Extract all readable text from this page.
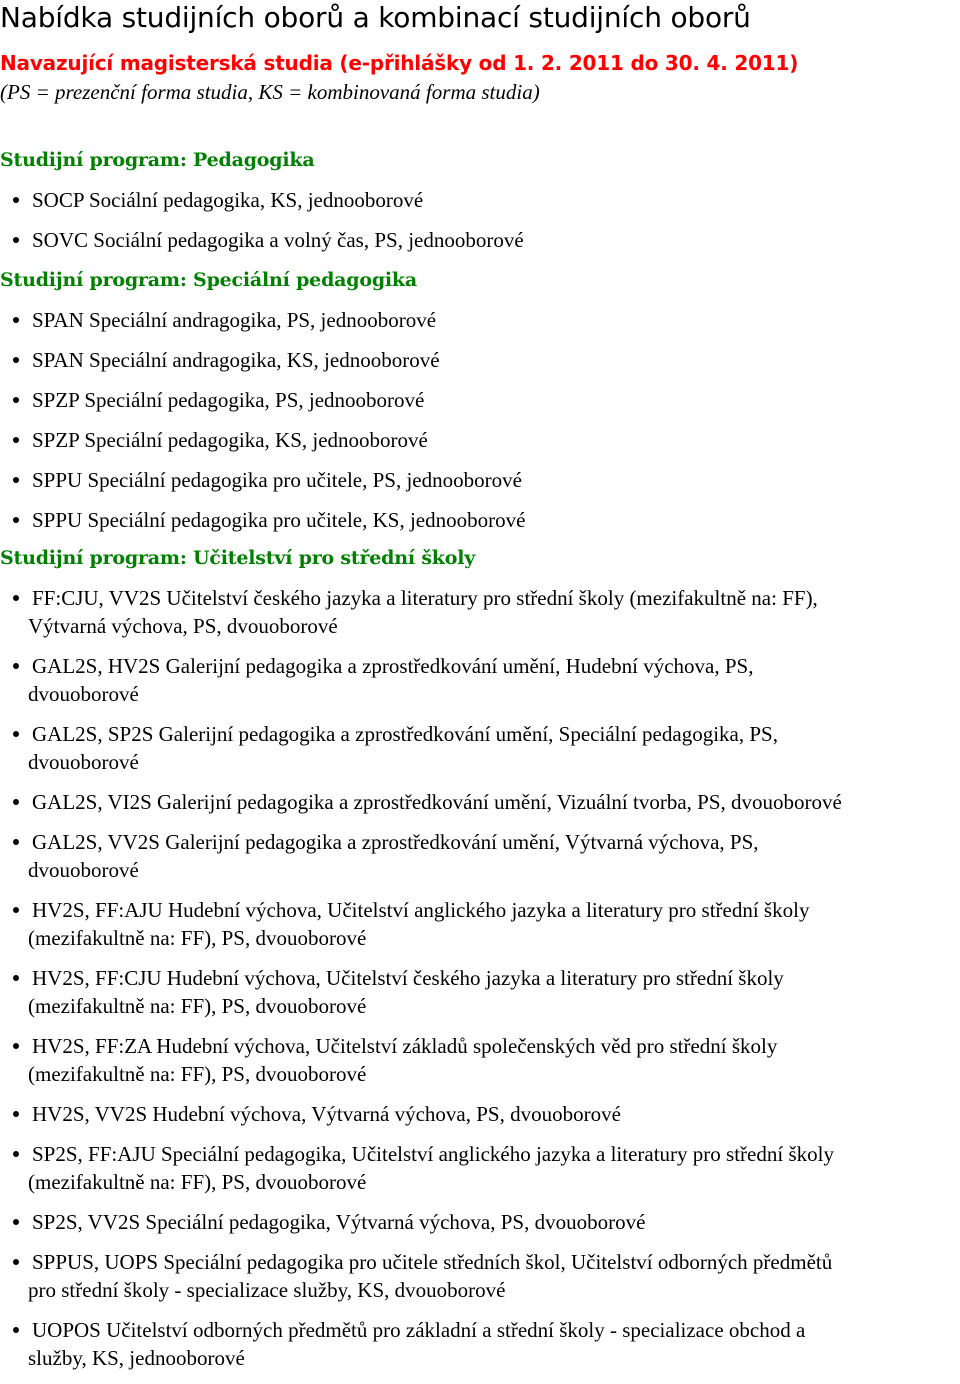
Nabídka studijních oborů a kombinací studijních oborů
Navazující magisterská studia (e-přihlášky od 1. 2. 2011 do 30. 4. 2011)
(PS = prezenční forma studia, KS = kombinovaná forma studia)
Studijní program: Pedagogika
SOCP Sociální pedagogika, KS, jednooborové
SOVC Sociální pedagogika a volný čas, PS, jednooborové
Studijní program: Speciální pedagogika
SPAN Speciální andragogika, PS, jednooborové
SPAN Speciální andragogika, KS, jednooborové
SPZP Speciální pedagogika, PS, jednooborové
SPZP Speciální pedagogika, KS, jednooborové
SPPU Speciální pedagogika pro učitele, PS, jednooborové
SPPU Speciální pedagogika pro učitele, KS, jednooborové
Studijní program: Učitelství pro střední školy
FF:CJU, VV2S Učitelství českého jazyka a literatury pro střední školy (mezifakultně na: FF),
Výtvarná výchova, PS, dvouoborové
GAL2S, HV2S Galerijní pedagogika a zprostředkování umění, Hudební výchova, PS,
dvouoborové
GAL2S, SP2S Galerijní pedagogika a zprostředkování umění, Speciální pedagogika, PS,
dvouoborové
GAL2S, VI2S Galerijní pedagogika a zprostředkování umění, Vizuální tvorba, PS, dvouoborové
GAL2S, VV2S Galerijní pedagogika a zprostředkování umění, Výtvarná výchova, PS,
dvouoborové
HV2S, FF:AJU Hudební výchova, Učitelství anglického jazyka a literatury pro střední školy
(mezifakultně na: FF), PS, dvouoborové
HV2S, FF:CJU Hudební výchova, Učitelství českého jazyka a literatury pro střední školy
(mezifakultně na: FF), PS, dvouoborové
HV2S, FF:ZA Hudební výchova, Učitelství základů společenských věd pro střední školy
(mezifakultně na: FF), PS, dvouoborové
HV2S, VV2S Hudební výchova, Výtvarná výchova, PS, dvouoborové
SP2S, FF:AJU Speciální pedagogika, Učitelství anglického jazyka a literatury pro střední školy
(mezifakultně na: FF), PS, dvouoborové
SP2S, VV2S Speciální pedagogika, Výtvarná výchova, PS, dvouoborové
SPPUS, UOPS Speciální pedagogika pro učitele středních škol, Učitelství odborných předmětů
pro střední školy - specializace služby, KS, dvouoborové
UOPOS Učitelství odborných předmětů pro základní a střední školy - specializace obchod a
služby, KS, jednooborové
